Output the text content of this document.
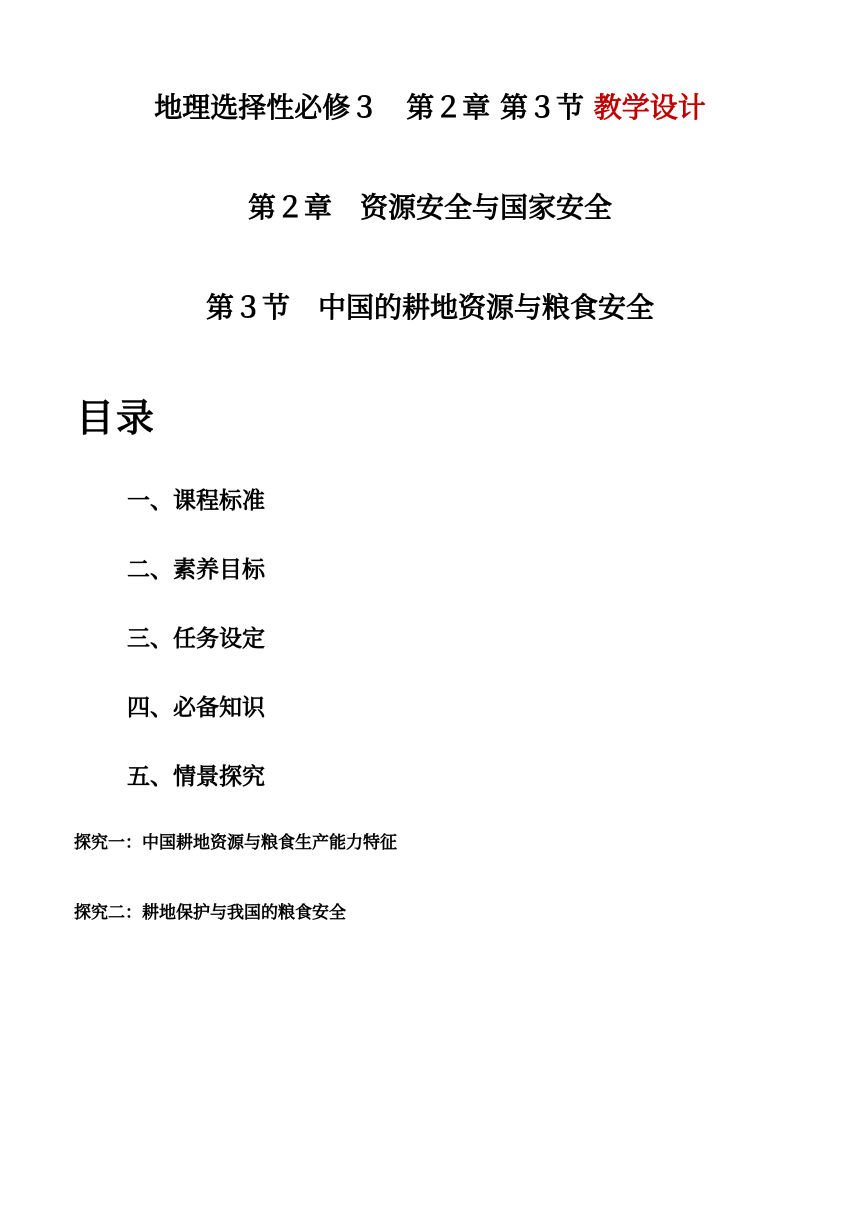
地理选择性必修３　第２章 第３节 教学设计
第２章　资源安全与国家安全
第３节　中国的耕地资源与粮食安全
目录
一、课程标准
二、素养目标
三、任务设定
四、必备知识
五、情景探究
探究一：中国耕地资源与粮食生产能力特征
探究二：耕地保护与我国的粮食安全
